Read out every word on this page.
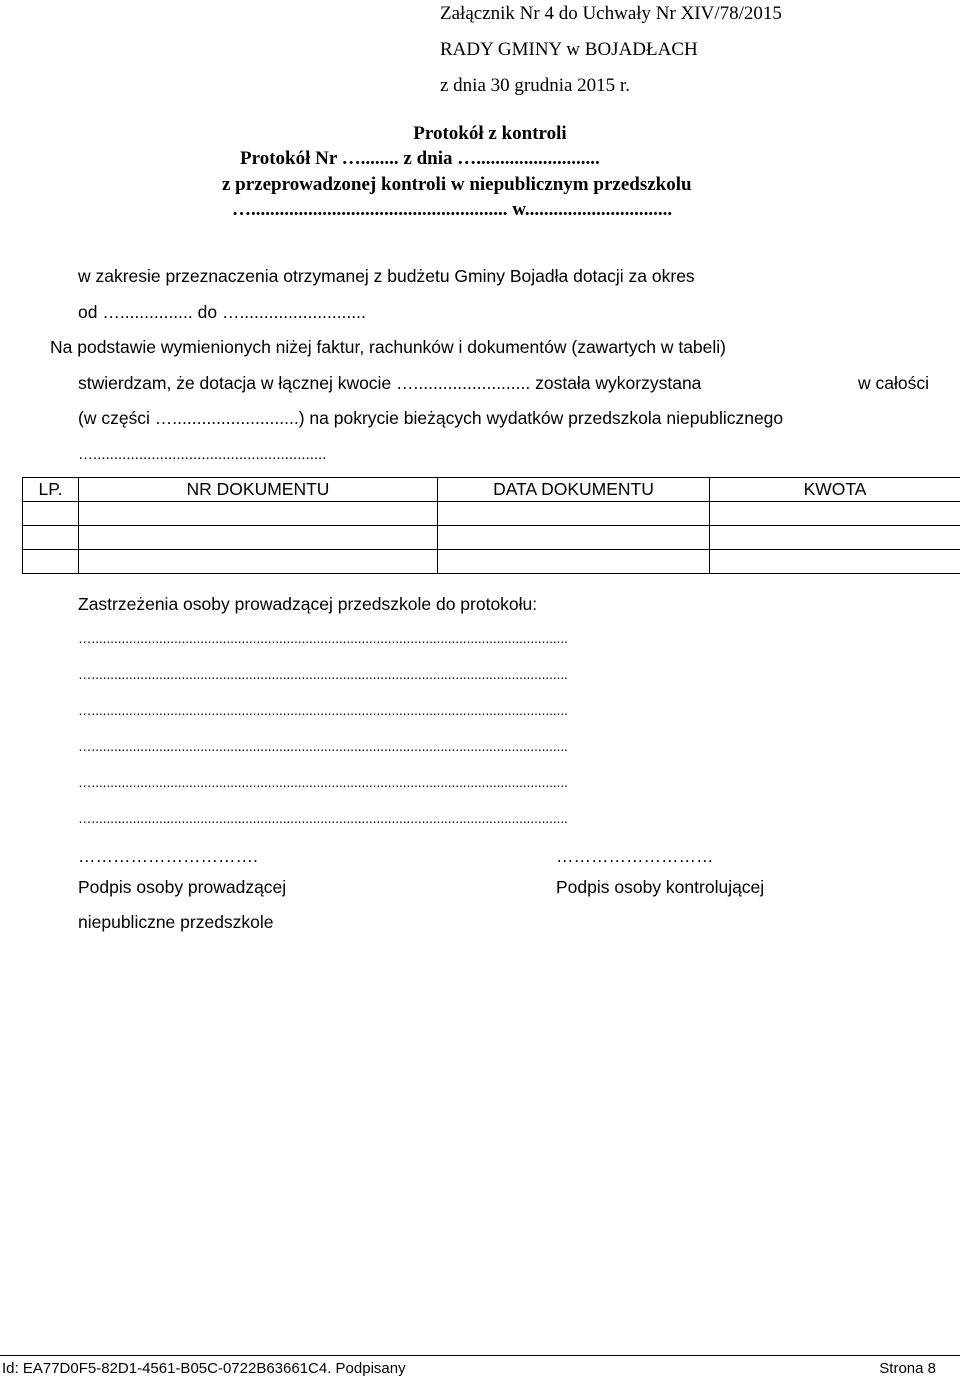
Załącznik Nr 4 do Uchwały Nr XIV/78/2015
RADY GMINY w BOJADŁACH
z dnia 30 grudnia 2015 r.
Protokół z kontroli
Protokół Nr …........ z dnia …..........................
z przeprowadzonej kontroli w niepublicznym przedszkolu
…...................................................... w...............................
w zakresie przeznaczenia otrzymanej z budżetu Gminy Bojadła dotacji za okres
od …............... do …..........................
Na podstawie wymienionych niżej faktur, rachunków i dokumentów (zawartych w tabeli)
stwierdzam, że dotacja w łącznej kwocie …........................ została wykorzystana	w całości
(w części …..........................) na pokrycie bieżących wydatków przedszkola niepublicznego
…........................................................
LP.	NR DOKUMENTU	DATA DOKUMENTU	KWOTA

Zastrzeżenia osoby prowadzącej przedszkole do protokołu:
…...............................................................................................................................
…...............................................................................................................................
…...............................................................................................................................
…...............................................................................................................................
…...............................................................................................................................
…...............................................................................................................................
………………………….	………………………
Podpis osoby prowadzącej	Podpis osoby kontrolującej
niepubliczne przedszkole
Id: EA77D0F5-82D1-4561-B05C-0722B63661C4. Podpisany	Strona 8
